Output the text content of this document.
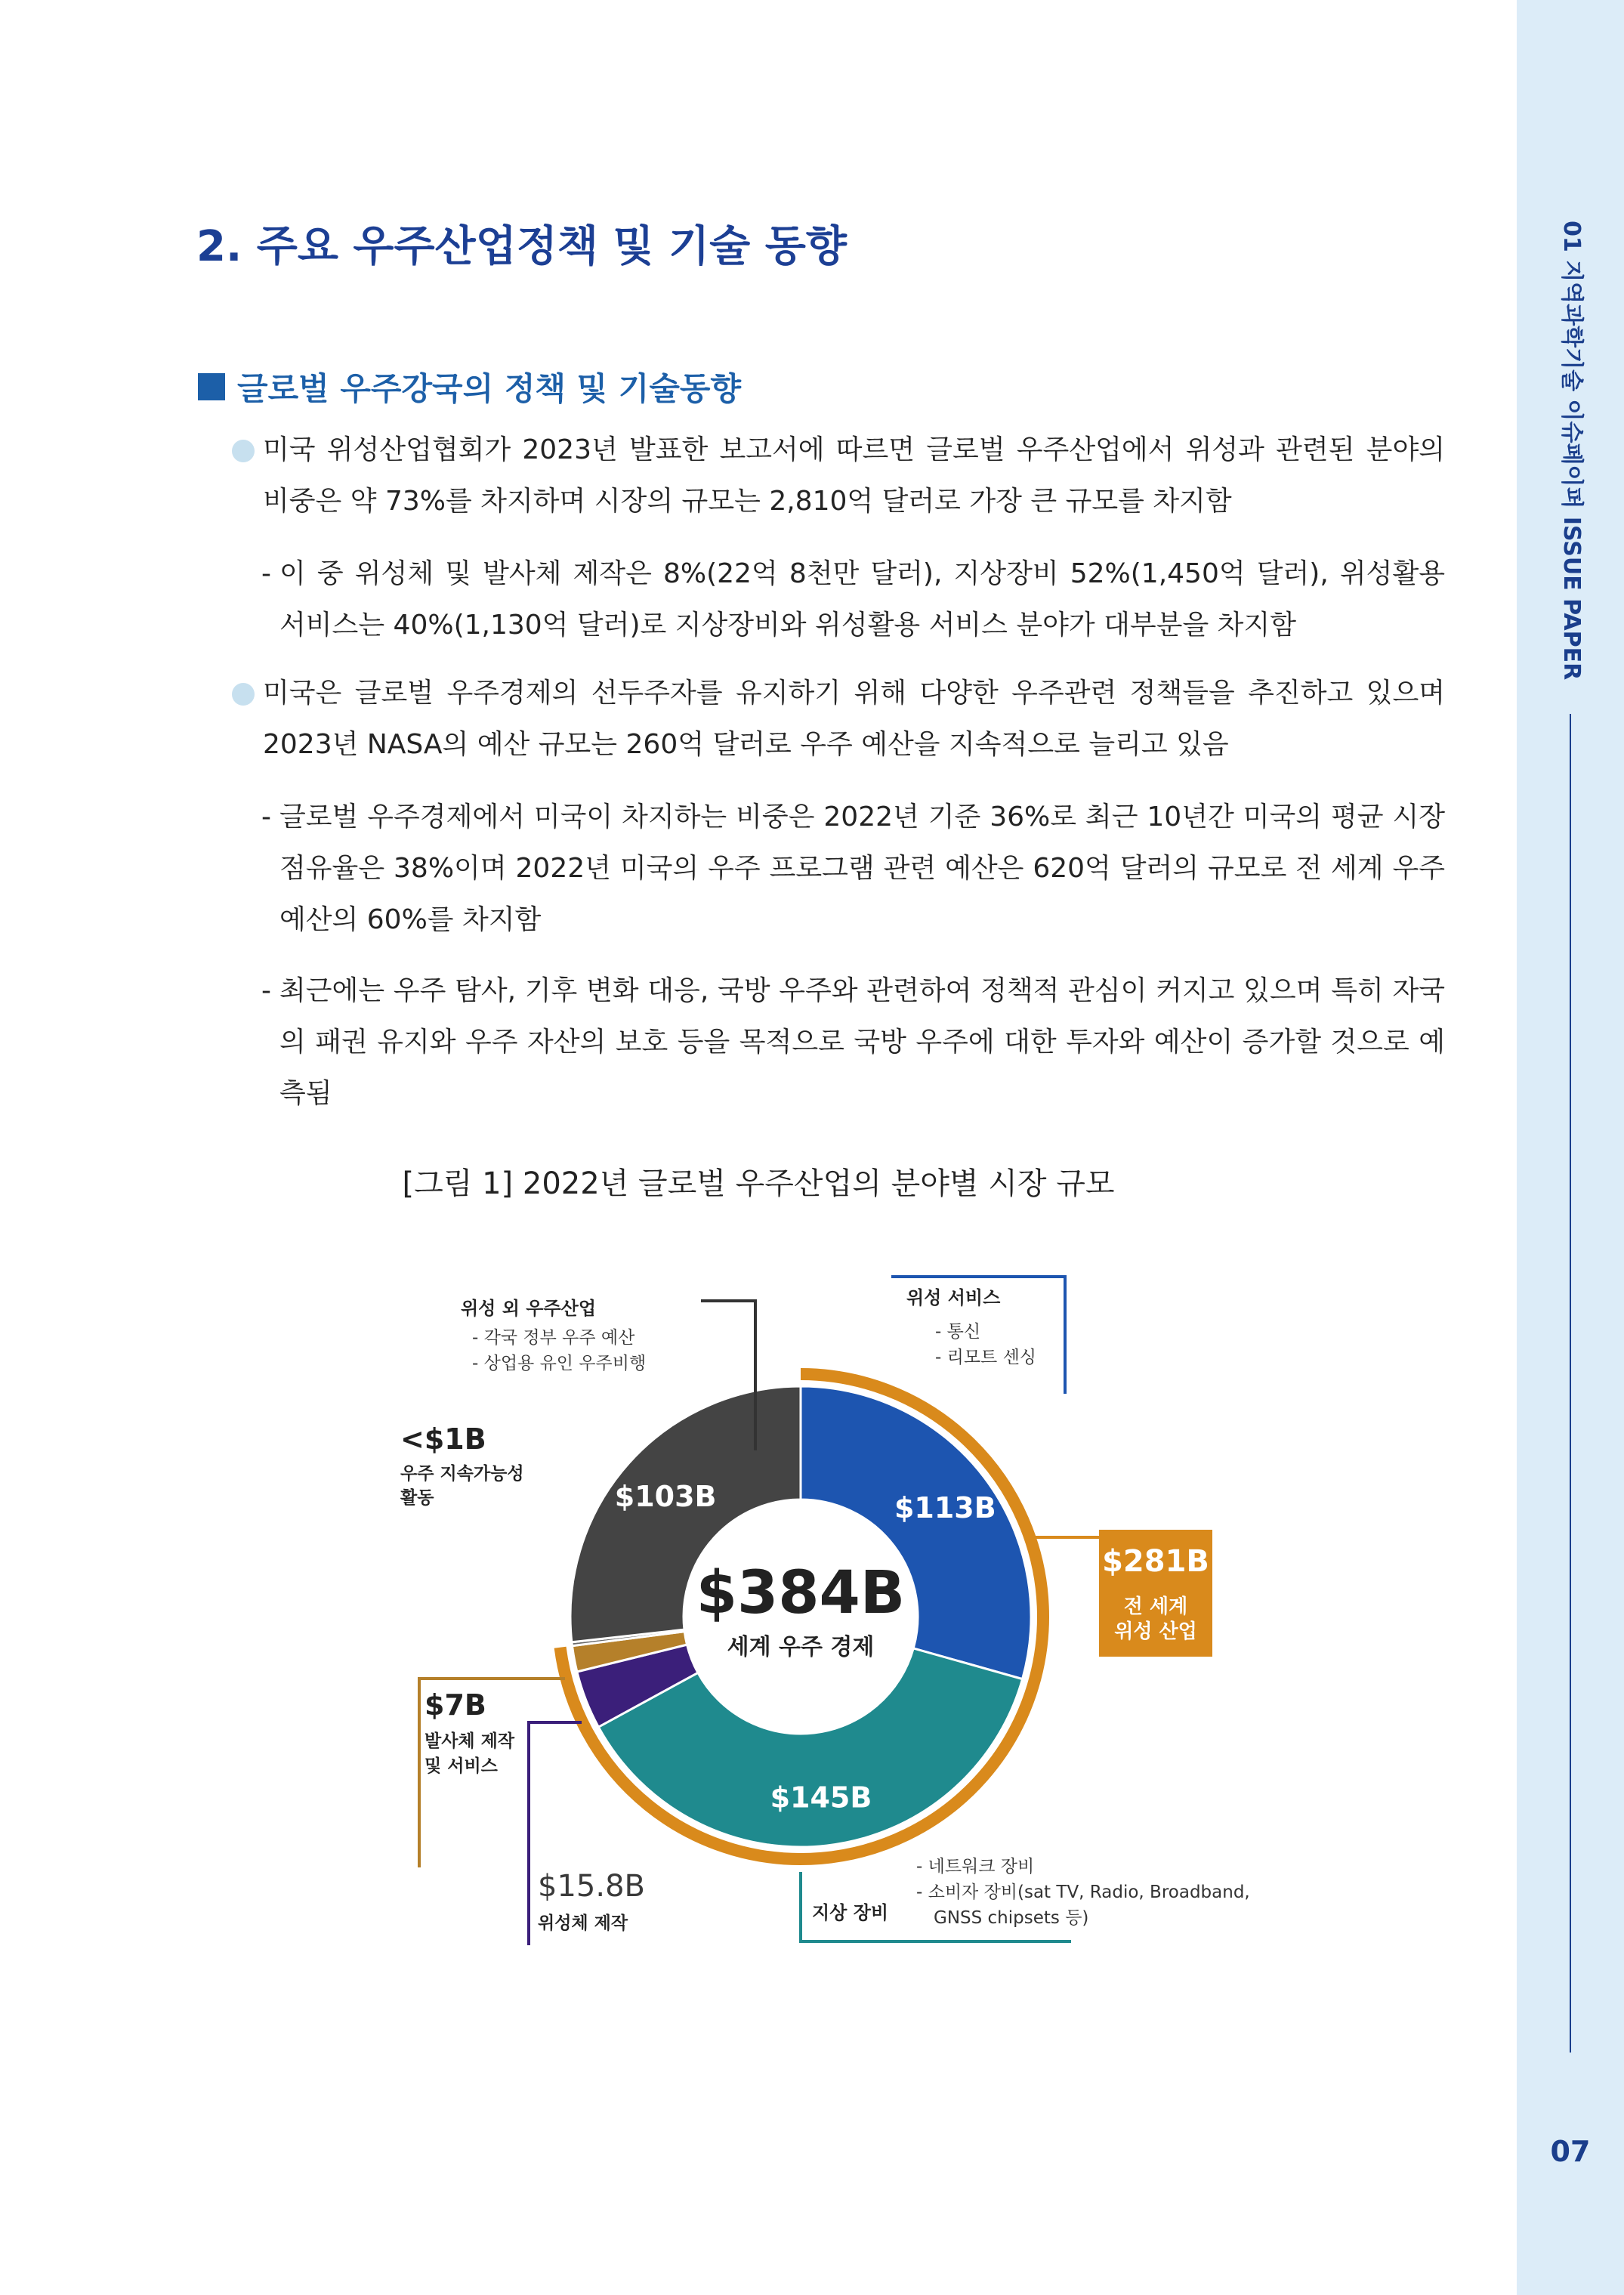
01 지역과학기술 이슈페이퍼 ISSUE PAPER
07
2. 주요 우주산업정책 및 기술 동향
글로벌 우주강국의 정책 및 기술동향
미국 위성산업협회가 2023년 발표한 보고서에 따르면 글로벌 우주산업에서 위성과 관련된 분야의 비중은 약 73%를 차지하며 시장의 규모는 2,810억 달러로 가장 큰 규모를 차지함
- 이 중 위성체 및 발사체 제작은 8%(22억 8천만 달러), 지상장비 52%(1,450억 달러), 위성활용 서비스는 40%(1,130억 달러)로 지상장비와 위성활용 서비스 분야가 대부분을 차지함
미국은 글로벌 우주경제의 선두주자를 유지하기 위해 다양한 우주관련 정책들을 추진하고 있으며 2023년 NASA의 예산 규모는 260억 달러로 우주 예산을 지속적으로 늘리고 있음
- 글로벌 우주경제에서 미국이 차지하는 비중은 2022년 기준 36%로 최근 10년간 미국의 평균 시장 점유율은 38%이며 2022년 미국의 우주 프로그램 관련 예산은 620억 달러의 규모로 전 세계 우주 예산의 60%를 차지함
- 최근에는 우주 탐사, 기후 변화 대응, 국방 우주와 관련하여 정책적 관심이 커지고 있으며 특히 자국의 패권 유지와 우주 자산의 보호 등을 목적으로 국방 우주에 대한 투자와 예산이 증가할 것으로 예측됨
[그림 1] 2022년 글로벌 우주산업의 분야별 시장 규모
$113B
$145B
$103B
$281B
전 세계
위성 산업
위성 외 우주산업
- 각국 정부 우주 예산
- 상업용 유인 우주비행
위성 서비스
- 통신
- 리모트 센싱
<$1B
우주 지속가능성
활동
$7B
발사체 제작
및 서비스
$15.8B
위성체 제작	지상 장비
- 네트워크 장비
- 소비자 장비(sat TV, Radio, Broadband,
GNSS chipsets 등)
$384B
세계 우주 경제
